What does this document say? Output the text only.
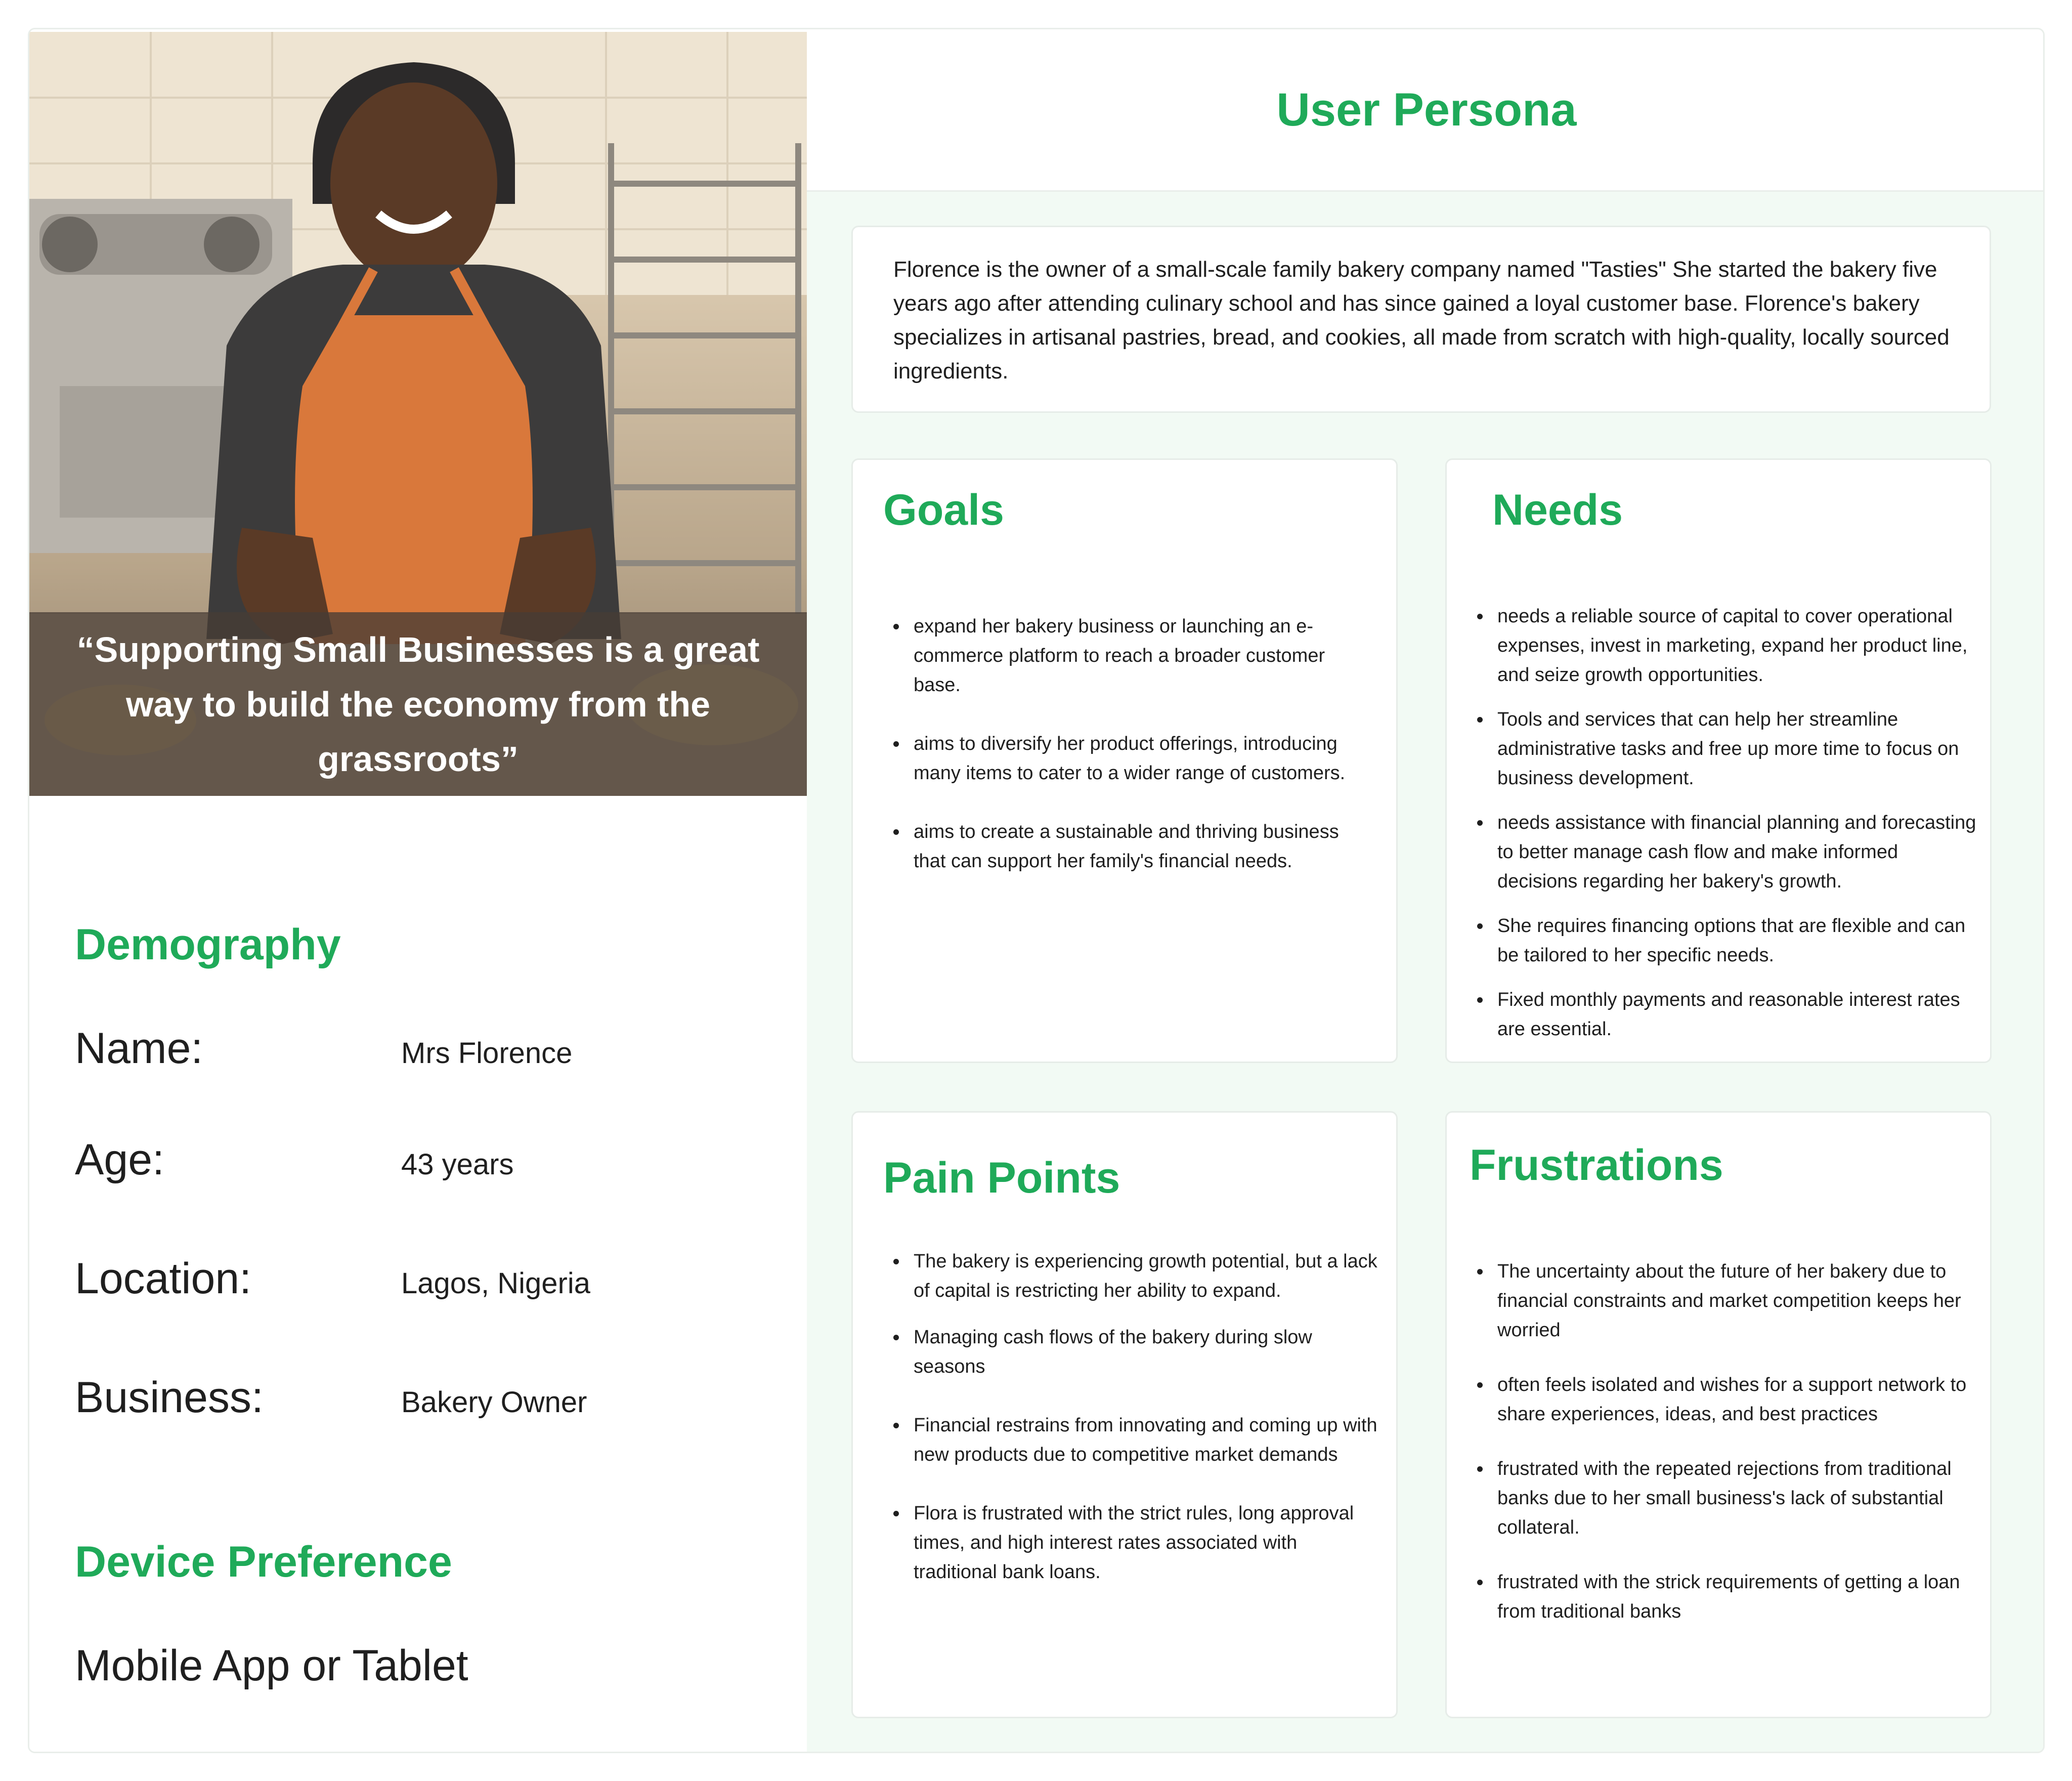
“Supporting Small Businesses is a great way to build the economy from the grassroots”
Demography
Name:	Mrs Florence
Age:	43 years
Location:	Lagos, Nigeria
Business:	Bakery Owner
Device Preference
Mobile App or Tablet
User Persona

Florence is the owner of a small-scale family bakery company named "Tasties" She started the bakery five years ago after attending culinary school and has since gained a loyal customer base. Florence's bakery specializes in artisanal pastries, bread, and cookies, all made from scratch with high-quality, locally sourced ingredients.

Goals
expand her bakery business or launching an e-commerce platform to reach a broader customer base.
aims to diversify her product offerings, introducing many items to cater to a wider range of customers.
aims to create a sustainable and thriving business that can support her family's financial needs.
Needs
needs a reliable source of capital to cover operational expenses, invest in marketing, expand her product line, and seize growth opportunities.
Tools and services that can help her streamline administrative tasks and free up more time to focus on business development.
needs assistance with financial planning and forecasting to better manage cash flow and make informed decisions regarding her bakery's growth.
She requires financing options that are flexible and can be tailored to her specific needs.
Fixed monthly payments and reasonable interest rates are essential.
Pain Points
The bakery is experiencing growth potential, but a lack of capital is restricting her ability to expand.
Managing cash flows of the bakery during slow seasons
Financial restrains from innovating and coming up with new products due to competitive market demands
Flora is frustrated with the strict rules, long approval times, and high interest rates associated with traditional bank loans.
Frustrations
The uncertainty about the future of her bakery due to financial constraints and market competition keeps her worried
often feels isolated and wishes for a support network to share experiences, ideas, and best practices
frustrated with the repeated rejections from traditional banks due to her small business's lack of substantial collateral.
frustrated with the strick requirements of getting a loan from traditional banks
